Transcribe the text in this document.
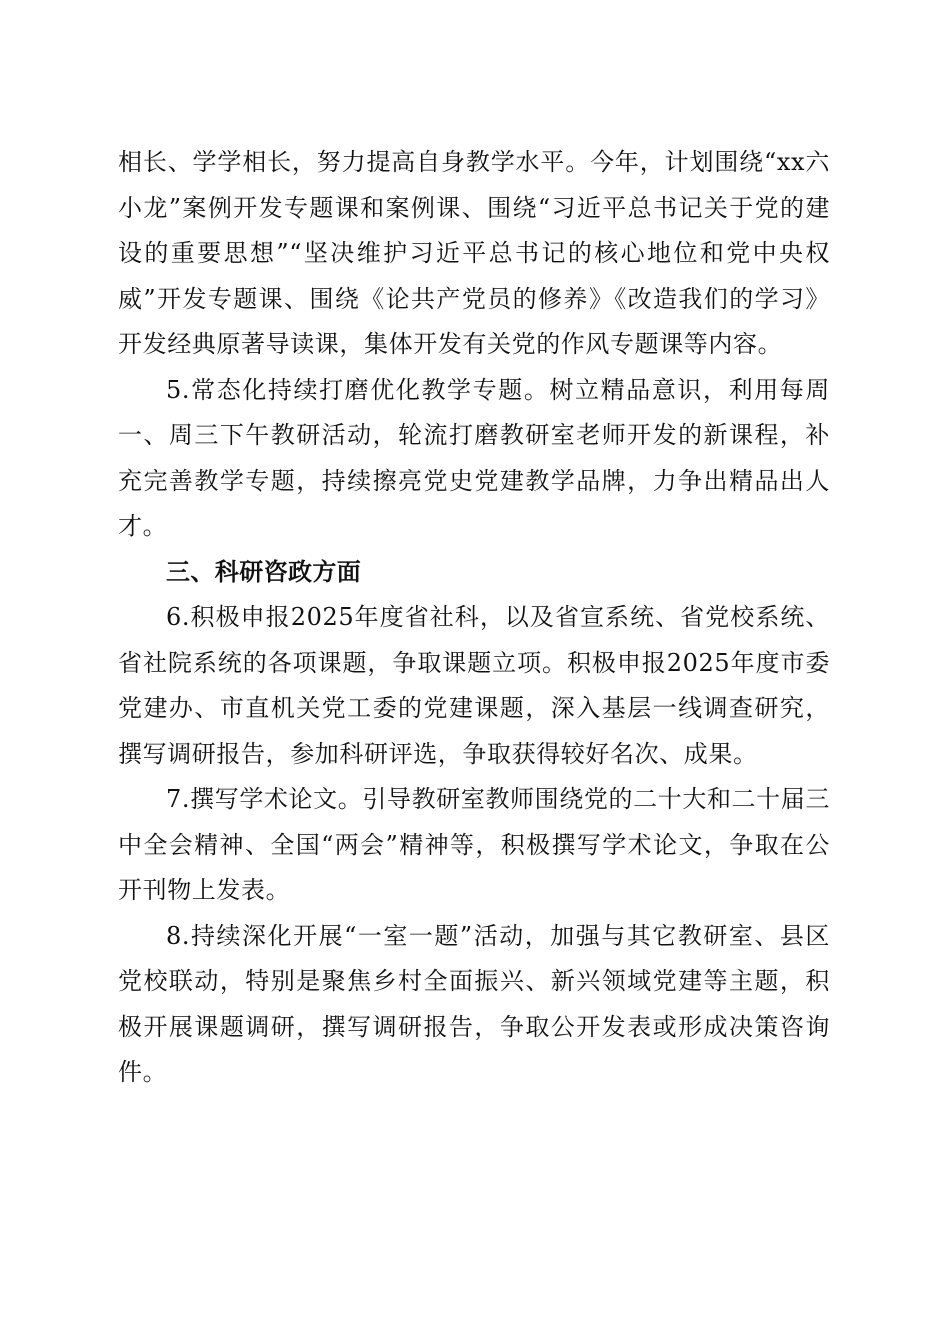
相长、学学相长，努力提高自身教学水平。今年，计划围绕“xx六小龙”案例开发专题课和案例课、围绕“习近平总书记关于党的建设的重要思想”“坚决维护习近平总书记的核心地位和党中央权威”开发专题课、围绕《论共产党员的修养》《改造我们的学习》开发经典原著导读课，集体开发有关党的作风专题课等内容。

5.常态化持续打磨优化教学专题。树立精品意识，利用每周一、周三下午教研活动，轮流打磨教研室老师开发的新课程，补充完善教学专题，持续擦亮党史党建教学品牌，力争出精品出人才。

三、科研咨政方面

6.积极申报2025年度省社科，以及省宣系统、省党校系统、省社院系统的各项课题，争取课题立项。积极申报2025年度市委党建办、市直机关党工委的党建课题，深入基层一线调查研究，撰写调研报告，参加科研评选，争取获得较好名次、成果。

7.撰写学术论文。引导教研室教师围绕党的二十大和二十届三中全会精神、全国“两会”精神等，积极撰写学术论文，争取在公开刊物上发表。

8.持续深化开展“一室一题”活动，加强与其它教研室、县区党校联动，特别是聚焦乡村全面振兴、新兴领域党建等主题，积极开展课题调研，撰写调研报告，争取公开发表或形成决策咨询件。
